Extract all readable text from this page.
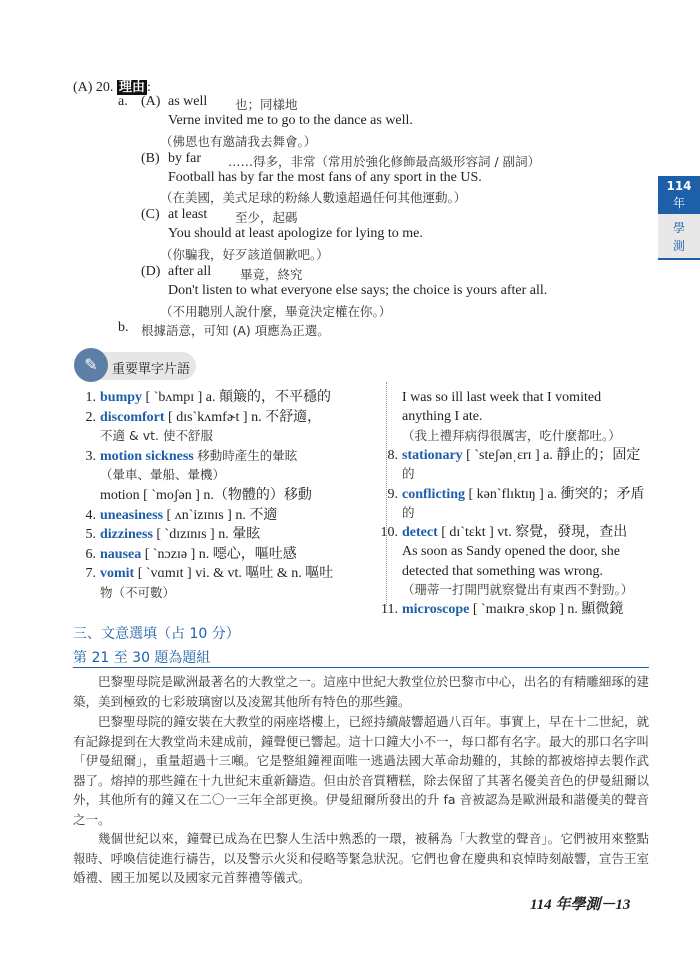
(A) 20. 理由 :
a. (A) as well 也；同樣地
Verne invited me to go to the dance as well.
（佛恩也有邀請我去舞會。）
(B) by far ……得多，非常（常用於強化修飾最高級形容詞 / 副詞）
Football has by far the most fans of any sport in the US.
（在美國，美式足球的粉絲人數遠超過任何其他運動。）
(C) at least 至少，起碼
You should at least apologize for lying to me.
（你騙我，好歹該道個歉吧。）
(D) after all 畢竟，終究
Don't listen to what everyone else says; the choice is yours after all.
（不用聽別人說什麼，畢竟決定權在你。）
b. 根據語意，可知 (A) 項應為正選。
114
年
學
測
✎	重要單字片語
1. bumpy [ ˋbʌmpɪ ] a. 顛簸的，不平穩的
2. discomfort [ dɪsˋkʌmfɚt ] n. 不舒適，
不適 & vt. 使不舒服
3. motion sickness 移動時產生的暈眩
（暈車、暈船、暈機）
motion [ ˋmoʃən ] n.（物體的）移動
4. uneasiness [ ʌnˋizɪnɪs ] n. 不適
5. dizziness [ ˋdɪzɪnɪs ] n. 暈眩
6. nausea [ ˋnɔzɪə ] n. 噁心，嘔吐感
7. vomit [ ˋvɑmɪt ] vi. & vt. 嘔吐 & n. 嘔吐
物（不可數）
I was so ill last week that I vomited
anything I ate.
（我上禮拜病得很厲害，吃什麼都吐。）
8. stationary [ ˋsteʃənˌɛrɪ ] a. 靜止的；固定
的
9. conflicting [ kənˋflɪktɪŋ ] a. 衝突的；矛盾
的
10. detect [ dɪˋtɛkt ] vt. 察覺，發現，查出
As soon as Sandy opened the door, she
detected that something was wrong.
（珊蒂一打開門就察覺出有東西不對勁。）
11. microscope [ ˋmaɪkrəˌskop ] n. 顯微鏡
三、文意選填（占 10 分）
第 21 至 30 題為題組
巴黎聖母院是歐洲最著名的大教堂之一。這座中世紀大教堂位於巴黎市中心，出名的有精雕細琢的建築，美到極致的七彩玻璃窗以及凌駕其他所有特色的那些鐘。
巴黎聖母院的鐘安裝在大教堂的兩座塔樓上，已經持續敲響超過八百年。事實上，早在十二世紀，就有記錄提到在大教堂尚未建成前，鐘聲便已響起。這十口鐘大小不一，每口都有名字。最大的那口名字叫「伊曼紐爾」，重量超過十三噸。它是整組鐘裡面唯一逃過法國大革命劫難的，其餘的都被熔掉去製作武器了。熔掉的那些鐘在十九世紀末重新鑄造。但由於音質糟糕，除去保留了其著名優美音色的伊曼紐爾以外，其他所有的鐘又在二〇一三年全部更換。伊曼紐爾所發出的升 fa 音被認為是歐洲最和諧優美的聲音之一。
幾個世紀以來，鐘聲已成為在巴黎人生活中熟悉的一環，被稱為「大教堂的聲音」。它們被用來整點報時、呼喚信徒進行禱告，以及警示火災和侵略等緊急狀況。它們也會在慶典和哀悼時刻敲響，宣告王室婚禮、國王加冕以及國家元首葬禮等儀式。
114 年學測－13
